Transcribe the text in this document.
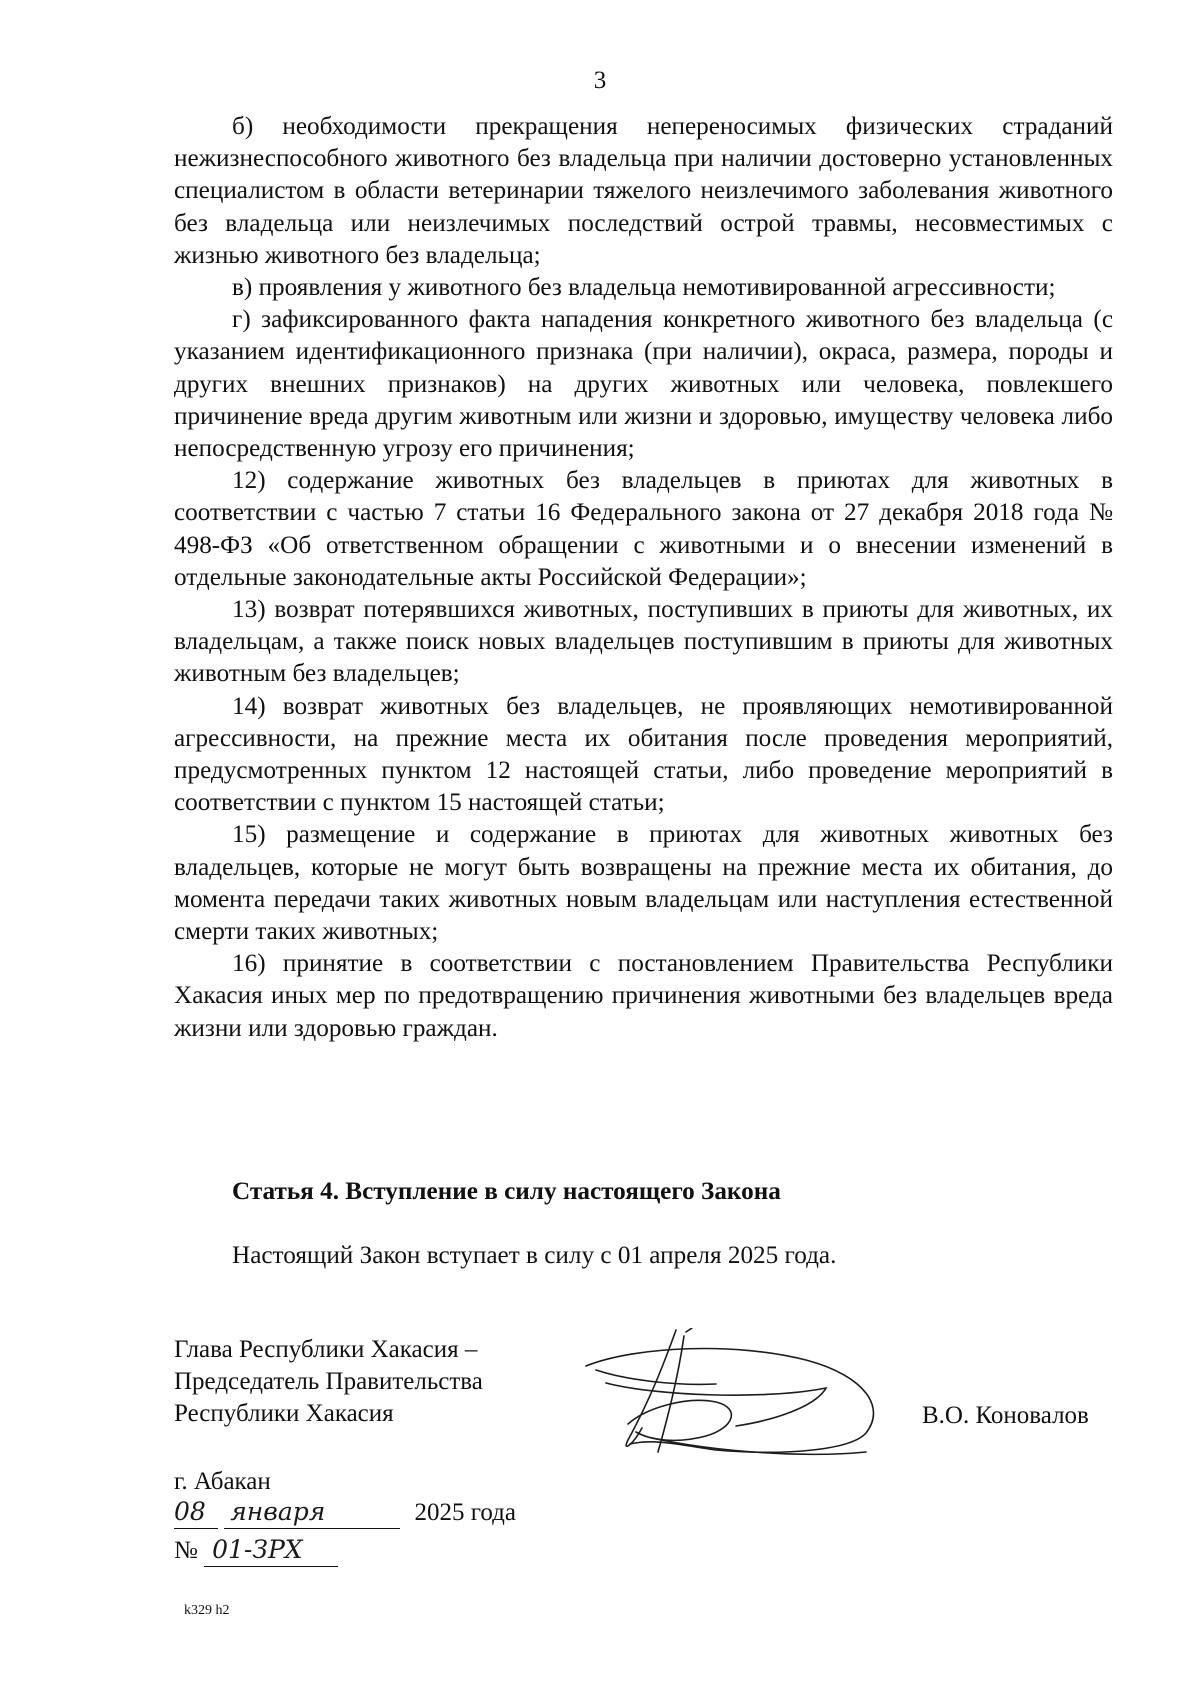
3

б) необходимости прекращения непереносимых физических страданий нежизнеспособного животного без владельца при наличии достоверно установленных специалистом в области ветеринарии тяжелого неизлечимого заболевания животного без владельца или неизлечимых последствий острой травмы, несовместимых с жизнью животного без владельца;

в) проявления у животного без владельца немотивированной агрессивности;

г) зафиксированного факта нападения конкретного животного без владельца (с указанием идентификационного признака (при наличии), окраса, размера, породы и других внешних признаков) на других животных или человека, повлекшего причинение вреда другим животным или жизни и здоровью, имуществу человека либо непосредственную угрозу его причинения;

12) содержание животных без владельцев в приютах для животных в соответствии с частью 7 статьи 16 Федерального закона от 27 декабря 2018 года № 498-ФЗ «Об ответственном обращении с животными и о внесении изменений в отдельные законодательные акты Российской Федерации»;

13) возврат потерявшихся животных, поступивших в приюты для животных, их владельцам, а также поиск новых владельцев поступившим в приюты для животных животным без владельцев;

14) возврат животных без владельцев, не проявляющих немотивированной агрессивности, на прежние места их обитания после проведения мероприятий, предусмотренных пунктом 12 настоящей статьи, либо проведение мероприятий в соответствии с пунктом 15 настоящей статьи;

15) размещение и содержание в приютах для животных животных без владельцев, которые не могут быть возвращены на прежние места их обитания, до момента передачи таких животных новым владельцам или наступления естественной смерти таких животных;

16) принятие в соответствии с постановлением Правительства Республики Хакасия иных мер по предотвращению причинения животными без владельцев вреда жизни или здоровью граждан.

Статья 4. Вступление в силу настоящего Закона
Настоящий Закон вступает в силу с 01 апреля 2025 года.
Глава Республики Хакасия –
Председатель Правительства
Республики Хакасия	В.О. Коновалов
г. Абакан
08 января	2025 года
№ 01-ЗРХ
k329 h2
